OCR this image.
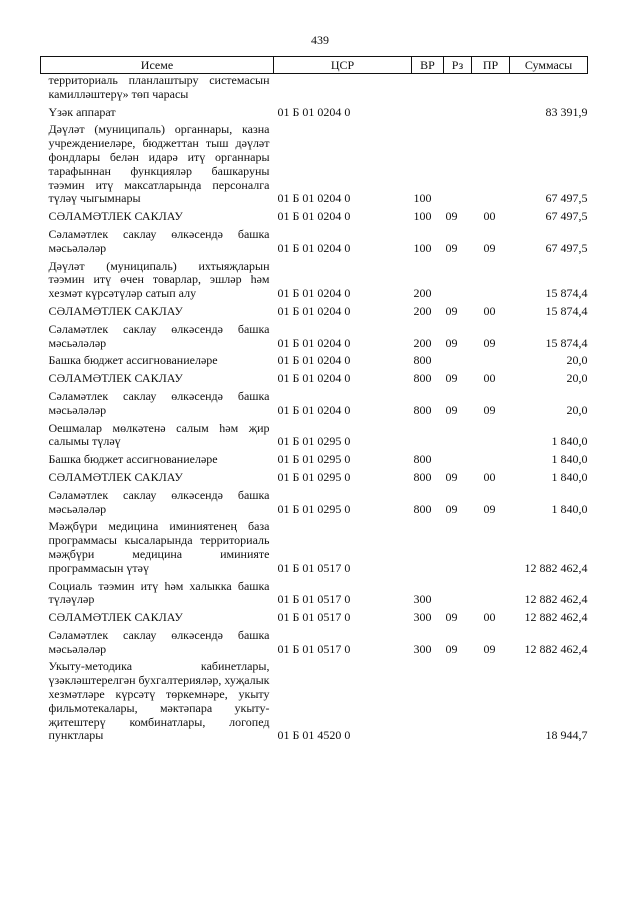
439
Исеме	ЦСР	ВР	Рз	ПР	Суммасы
территориаль планлаштыру системасын камилләштерү» төп чарасы					
Үзәк аппарат	01 Б 01 0204 0				83 391,9
Дәүләт (муниципаль) органнары, казна учреждениеләре, бюджеттан тыш дәүләт фондлары белән идарә итү органнары тарафыннан функцияләр башкаруны тәэмин итү максатларында персоналга түләү чыгымнары	01 Б 01 0204 0	100			67 497,5
СӘЛАМӘТЛЕК САКЛАУ	01 Б 01 0204 0	100	09	00	67 497,5
Сәламәтлек саклау өлкәсендә башка мәсьәләләр	01 Б 01 0204 0	100	09	09	67 497,5
Дәүләт (муниципаль) ихтыяҗларын тәэмин итү өчен товарлар, эшләр һәм хезмәт күрсәтүләр сатып алу	01 Б 01 0204 0	200			15 874,4
СӘЛАМӘТЛЕК САКЛАУ	01 Б 01 0204 0	200	09	00	15 874,4
Сәламәтлек саклау өлкәсендә башка мәсьәләләр	01 Б 01 0204 0	200	09	09	15 874,4
Башка бюджет ассигнованиеләре	01 Б 01 0204 0	800			20,0
СӘЛАМӘТЛЕК САКЛАУ	01 Б 01 0204 0	800	09	00	20,0
Сәламәтлек саклау өлкәсендә башка мәсьәләләр	01 Б 01 0204 0	800	09	09	20,0
Оешмалар мөлкәтенә салым һәм җир салымы түләү	01 Б 01 0295 0				1 840,0
Башка бюджет ассигнованиеләре	01 Б 01 0295 0	800			1 840,0
СӘЛАМӘТЛЕК САКЛАУ	01 Б 01 0295 0	800	09	00	1 840,0
Сәламәтлек саклау өлкәсендә башка мәсьәләләр	01 Б 01 0295 0	800	09	09	1 840,0
Мәҗбүри медицина иминиятенең база программасы кысаларында территориаль мәҗбүри медицина иминияте программасын үтәү	01 Б 01 0517 0				12 882 462,4
Социаль тәэмин итү һәм халыкка башка түләүләр	01 Б 01 0517 0	300			12 882 462,4
СӘЛАМӘТЛЕК САКЛАУ	01 Б 01 0517 0	300	09	00	12 882 462,4
Сәламәтлек саклау өлкәсендә башка мәсьәләләр	01 Б 01 0517 0	300	09	09	12 882 462,4
Укыту-методика кабинетлары, үзәкләштерелгән бухгалтерияләр, хуҗалык хезмәтләре күрсәтү төркемнәре, укыту фильмотекалары, мәктәпара укыту-җитештерү комбинатлары, логопед пунктлары	01 Б 01 4520 0				18 944,7
